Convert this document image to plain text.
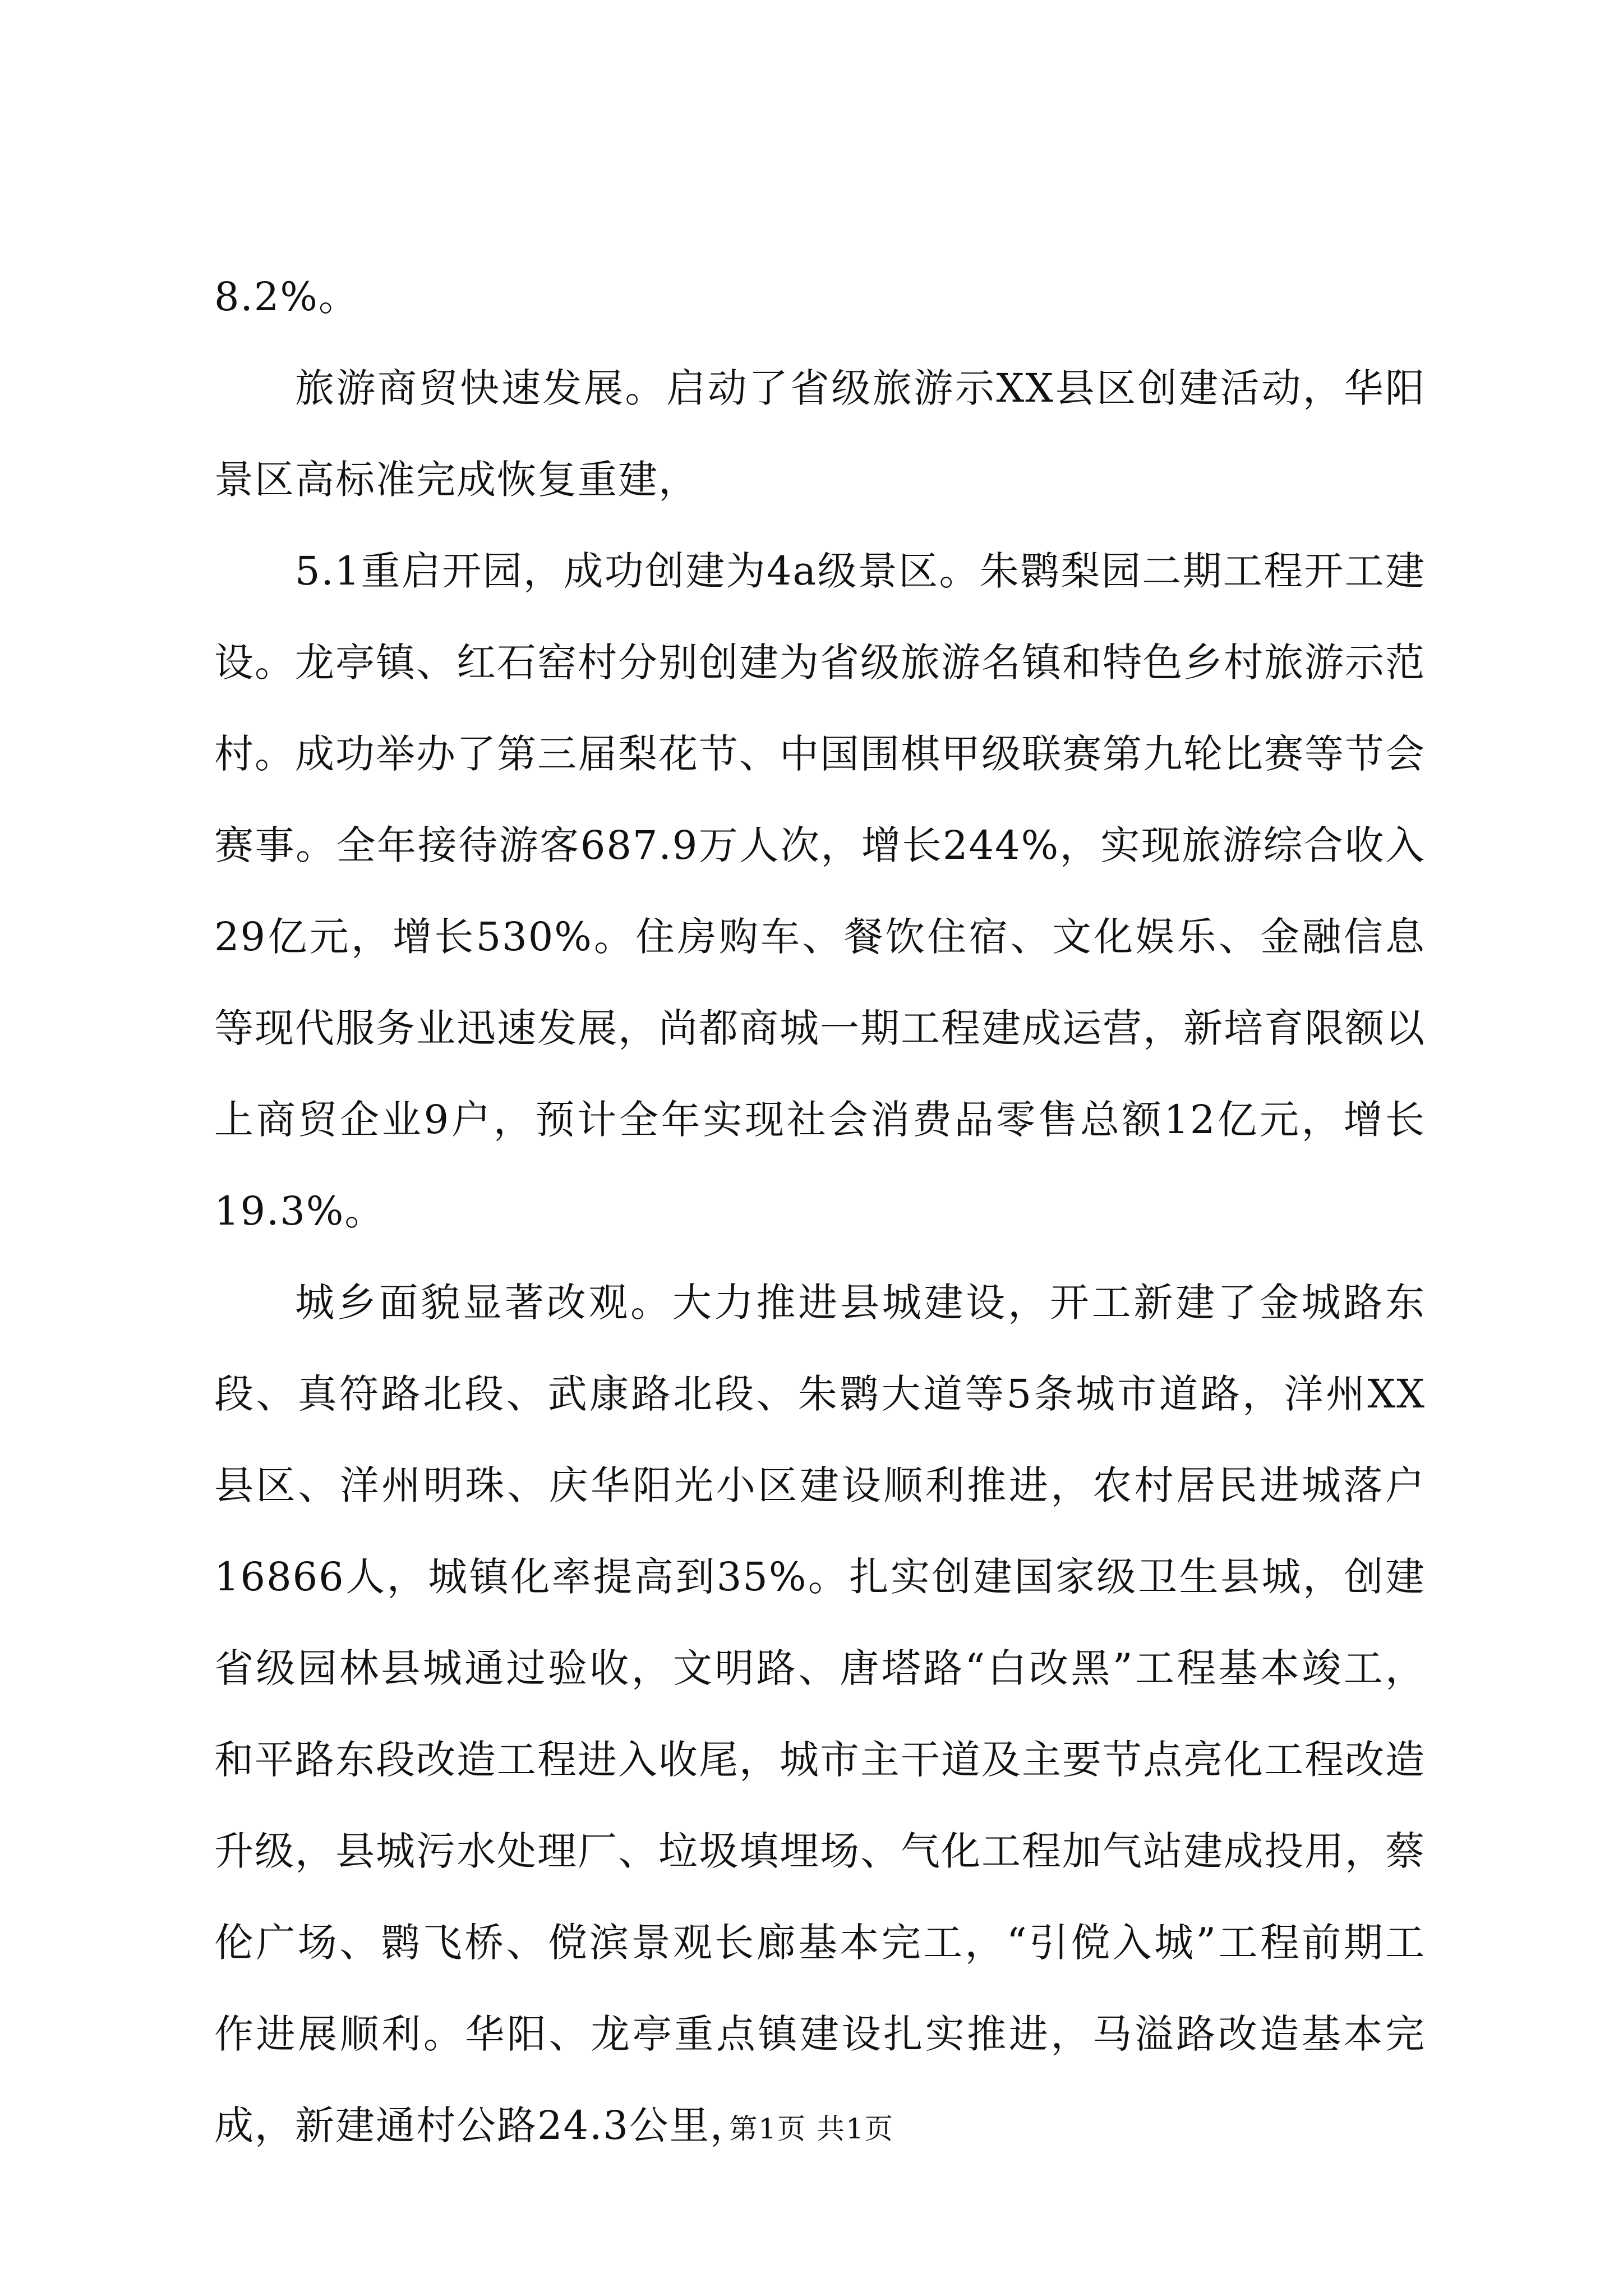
8.2%。

旅游商贸快速发展。启动了省级旅游示XX县区创建活动，华阳景区高标准完成恢复重建，

5.1重启开园，成功创建为4a级景区。朱鹮梨园二期工程开工建设。龙亭镇、红石窑村分别创建为省级旅游名镇和特色乡村旅游示范村。成功举办了第三届梨花节、中国围棋甲级联赛第九轮比赛等节会赛事。全年接待游客687.9万人次，增长244%，实现旅游综合收入29亿元，增长530%。住房购车、餐饮住宿、文化娱乐、金融信息等现代服务业迅速发展，尚都商城一期工程建成运营，新培育限额以上商贸企业9户，预计全年实现社会消费品零售总额12亿元，增长19.3%。

城乡面貌显著改观。大力推进县城建设，开工新建了金城路东段、真符路北段、武康路北段、朱鹮大道等5条城市道路，洋州XX县区、洋州明珠、庆华阳光小区建设顺利推进，农村居民进城落户16866人，城镇化率提高到35%。扎实创建国家级卫生县城，创建省级园林县城通过验收，文明路、唐塔路“白改黑”工程基本竣工，和平路东段改造工程进入收尾，城市主干道及主要节点亮化工程改造升级，县城污水处理厂、垃圾填埋场、气化工程加气站建成投用，蔡伦广场、鹮飞桥、傥滨景观长廊基本完工，“引傥入城”工程前期工作进展顺利。华阳、龙亭重点镇建设扎实推进，马溢路改造基本完成，新建通村公路24.3公里，

第1页 共1页
